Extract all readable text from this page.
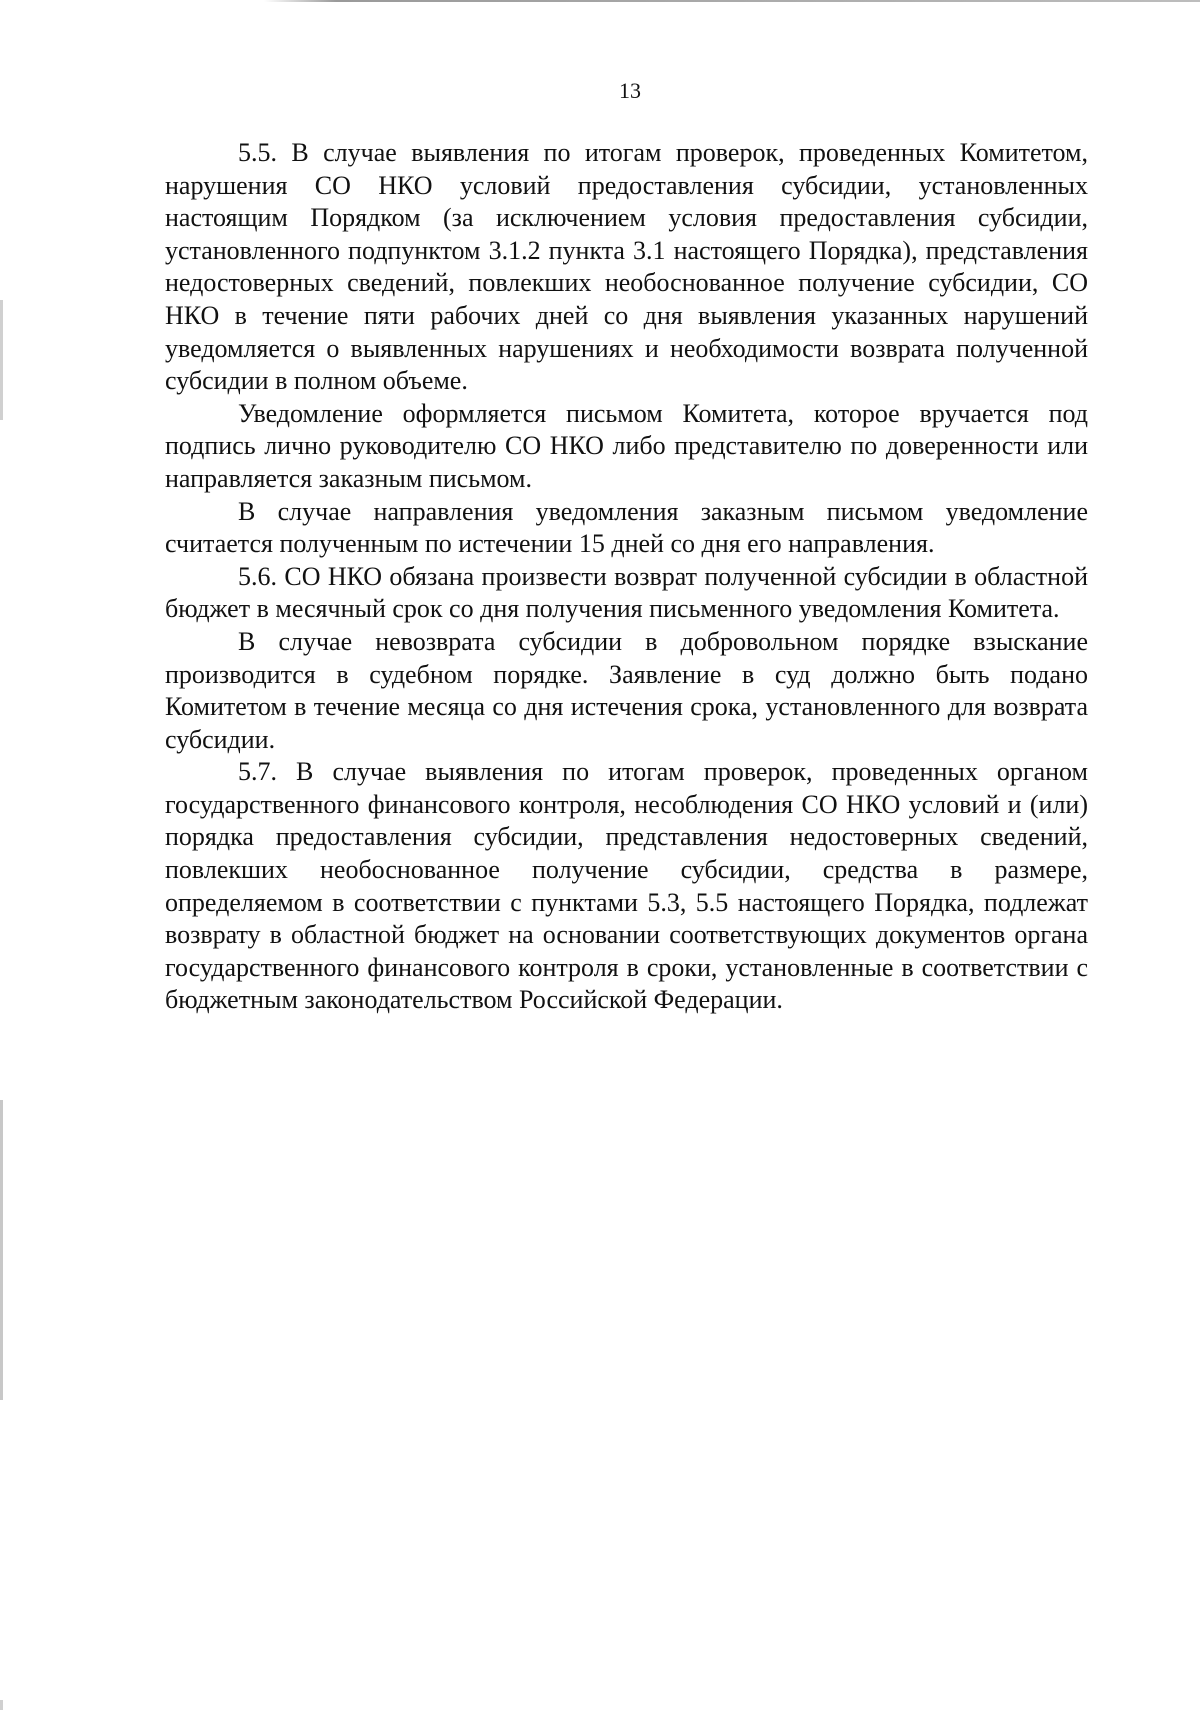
13

5.5. В случае выявления по итогам проверок, проведенных Комитетом, нарушения СО НКО условий предоставления субсидии, установленных настоящим Порядком (за исключением условия предоставления субсидии, установленного подпунктом 3.1.2 пункта 3.1 настоящего Порядка), представления недостоверных сведений, повлекших необоснованное получение субсидии, СО НКО в течение пяти рабочих дней со дня выявления указанных нарушений уведомляется о выявленных нарушениях и необходимости возврата полученной субсидии в полном объеме.

Уведомление оформляется письмом Комитета, которое вручается под подпись лично руководителю СО НКО либо представителю по доверенности или направляется заказным письмом.

В случае направления уведомления заказным письмом уведомление считается полученным по истечении 15 дней со дня его направления.

5.6. СО НКО обязана произвести возврат полученной субсидии в областной бюджет в месячный срок со дня получения письменного уведомления Комитета.

В случае невозврата субсидии в добровольном порядке взыскание производится в судебном порядке. Заявление в суд должно быть подано Комитетом в течение месяца со дня истечения срока, установленного для возврата субсидии.

5.7. В случае выявления по итогам проверок, проведенных органом государственного финансового контроля, несоблюдения СО НКО условий и (или) порядка предоставления субсидии, представления недостоверных сведений, повлекших необоснованное получение субсидии, средства в размере, определяемом в соответствии с пунктами 5.3, 5.5 настоящего Порядка, подлежат возврату в областной бюджет на основании соответствующих документов органа государственного финансового контроля в сроки, установленные в соответствии с бюджетным законодательством Российской Федерации.
